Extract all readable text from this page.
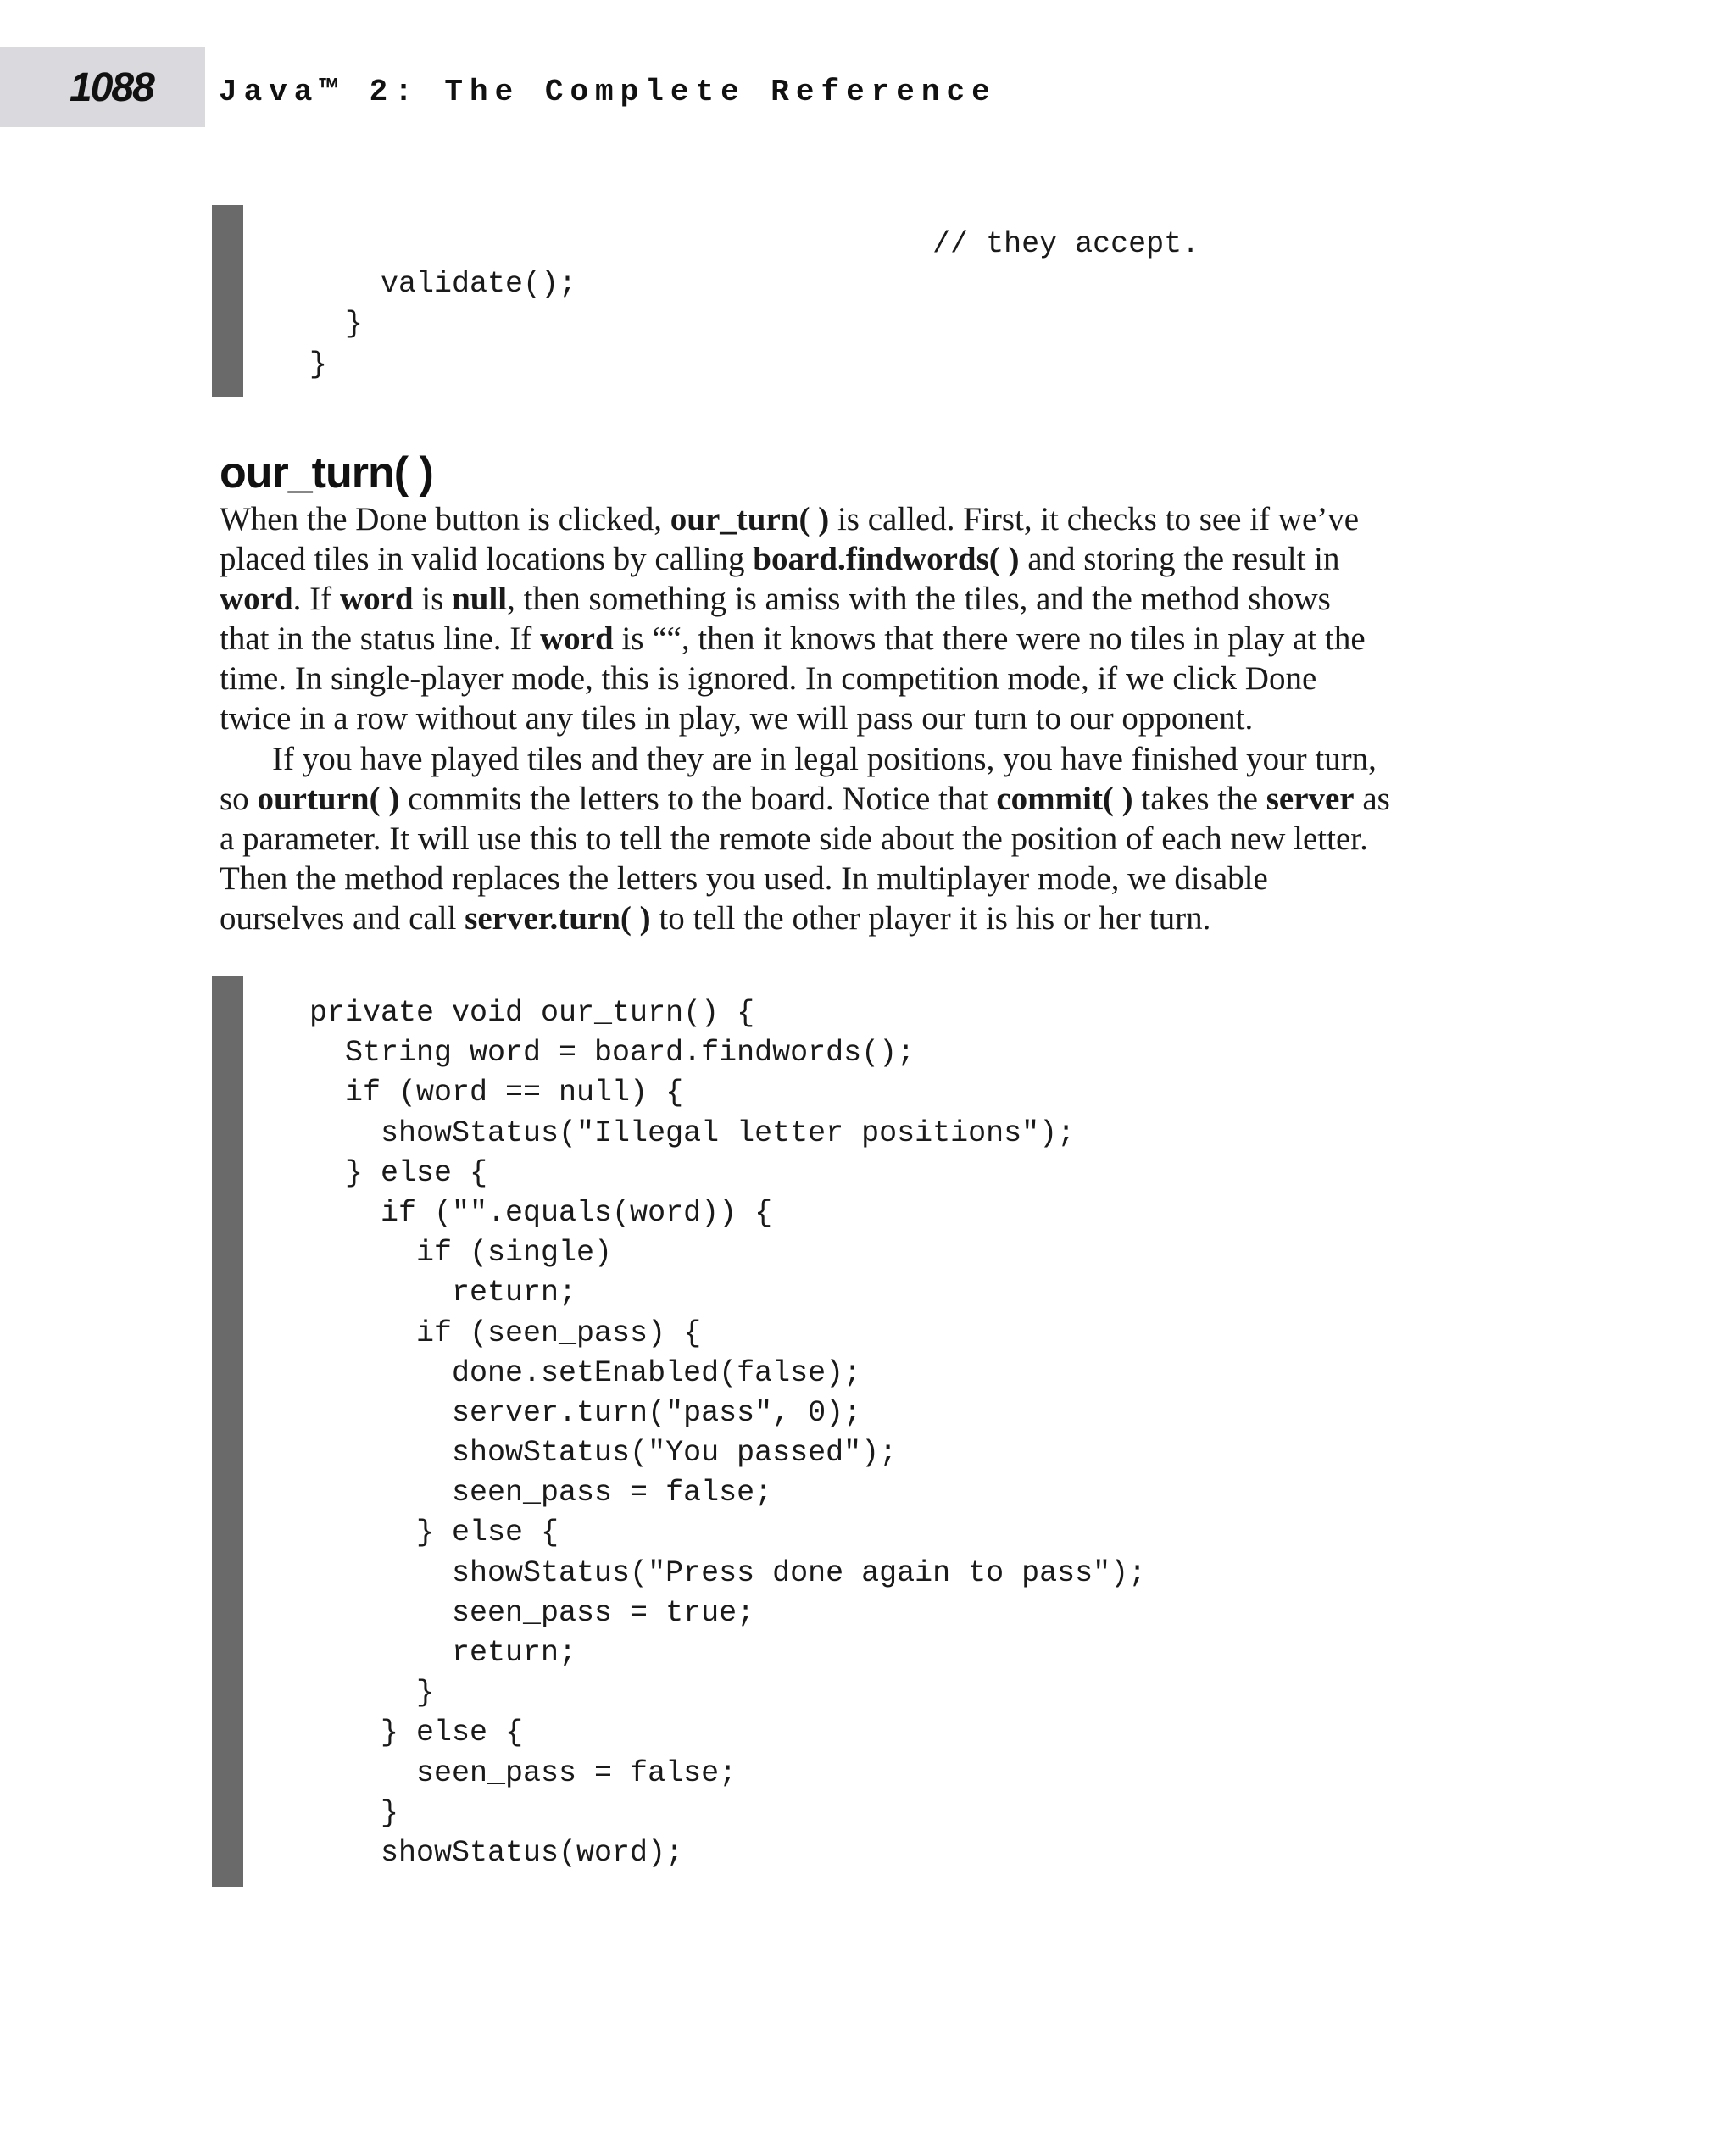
1088 Java™ 2: The Complete Reference
// they accept.
validate();
}
}
our_turn( )
When the Done button is clicked, our_turn( ) is called. First, it checks to see if we’ve
placed tiles in valid locations by calling board.findwords( ) and storing the result in
word. If word is null, then something is amiss with the tiles, and the method shows
that in the status line. If word is ““, then it knows that there were no tiles in play at the
time. In single-player mode, this is ignored. In competition mode, if we click Done
twice in a row without any tiles in play, we will pass our turn to our opponent.
If you have played tiles and they are in legal positions, you have finished your turn,
so ourturn( ) commits the letters to the board. Notice that commit( ) takes the server as
a parameter. It will use this to tell the remote side about the position of each new letter.
Then the method replaces the letters you used. In multiplayer mode, we disable
ourselves and call server.turn( ) to tell the other player it is his or her turn.
private void our_turn() {
String word = board.findwords();
if (word == null) {
showStatus("Illegal letter positions");
} else {
if ("".equals(word)) {
if (single)
return;
if (seen_pass) {
done.setEnabled(false);
server.turn("pass", 0);
showStatus("You passed");
seen_pass = false;
} else {
showStatus("Press done again to pass");
seen_pass = true;
return;
}
} else {
seen_pass = false;
}
showStatus(word);
